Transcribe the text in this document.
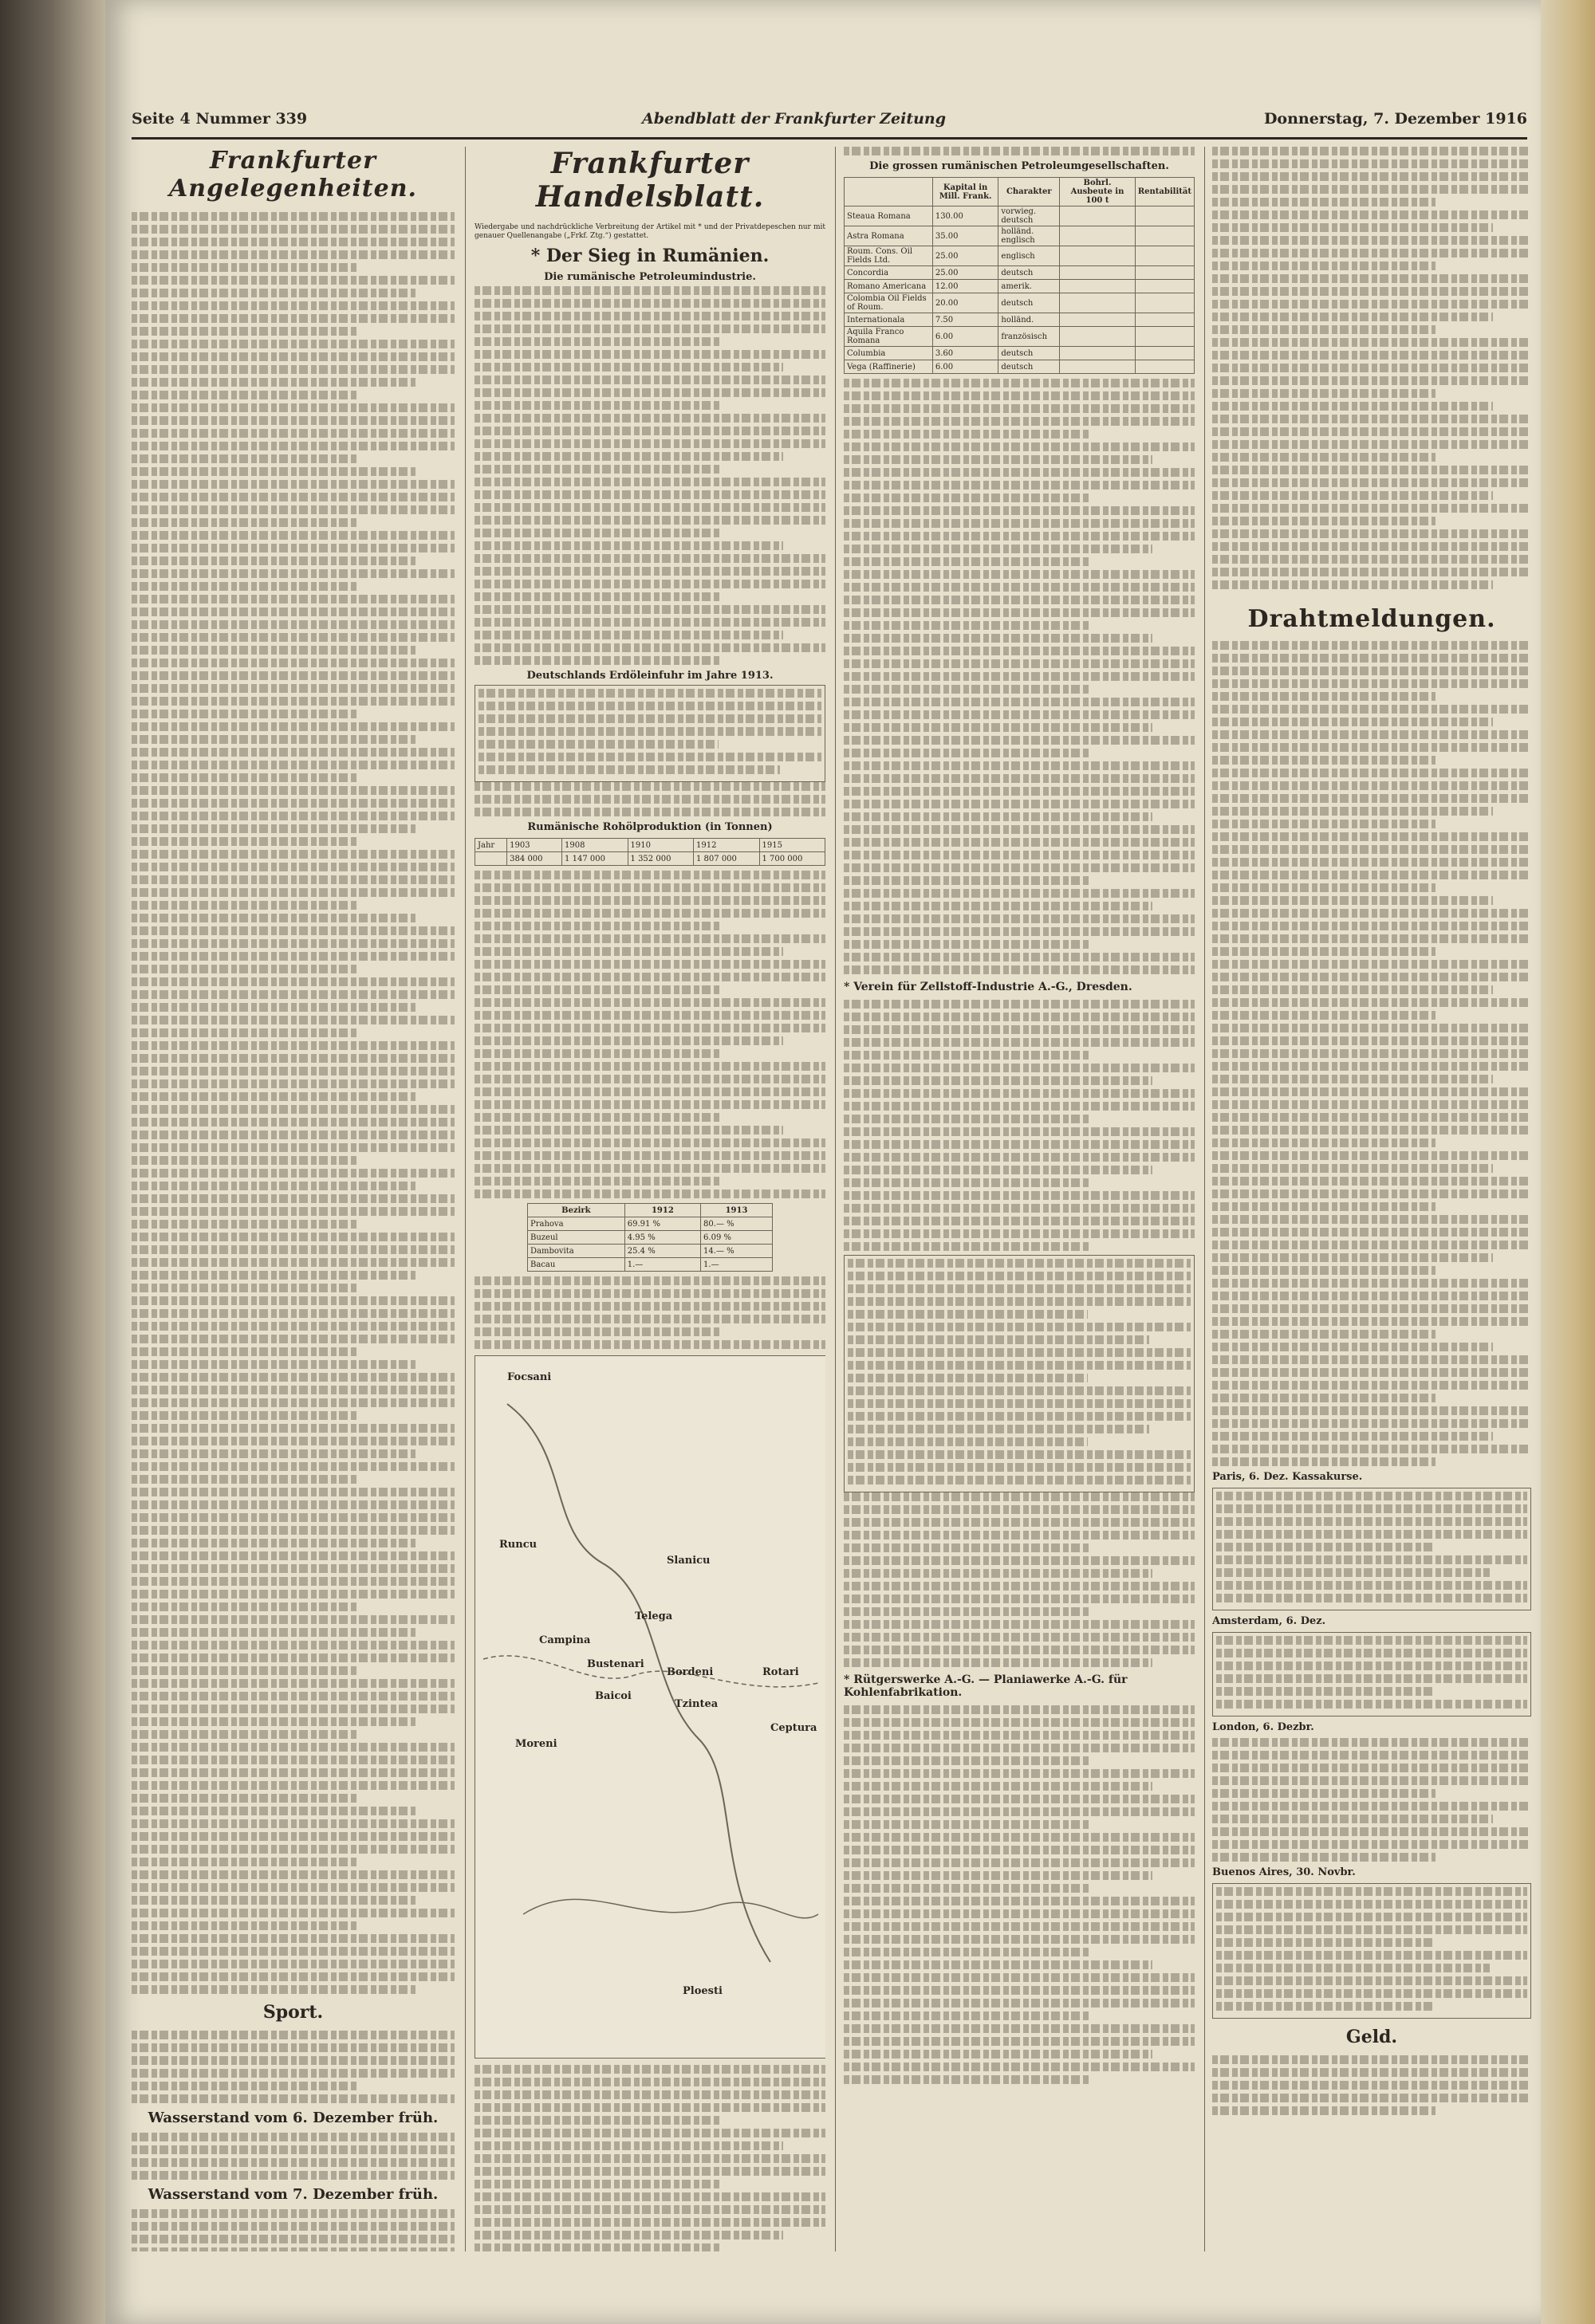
Seite 4 Nummer 339	Abendblatt der Frankfurter Zeitung	Donnerstag, 7. Dezember 1916
Frankfurter Angelegenheiten.
Sport.
Wasserstand vom 6. Dezember früh.
Wasserstand vom 7. Dezember früh.
Frankfurter Handelsblatt.
Wiedergabe und nachdrückliche Verbreitung der Artikel mit * und der Privatdepeschen nur mit genauer Quellenangabe („Frkf. Ztg.“) gestattet.
* Der Sieg in Rumänien.
Die rumänische Petroleumindustrie.
Deutschlands Erdöleinfuhr im Jahre 1913.
Rumänische Rohölproduktion (in Tonnen)
Jahr	1903	1908	1910	1912	1915
	384 000	1 147 000	1 352 000	1 807 000	1 700 000
Bezirk	1912	1913
Prahova	69.91 %	80.— %
Buzeul	4.95 %	6.09 %
Dambovita	25.4 %	14.— %
Bacau	1.—	1.—
Focsani
Runcu
Campina
Bustenari
Telega
Slanicu
Baicoi
Bordeni
Tzintea
Moreni
Rotari
Ceptura
Ploesti
Die grossen rumänischen Petroleumgesellschaften.
	Kapital in Mill. Frank.	Charakter	Bohrl. Ausbeute in 100 t	Rentabilität
Steaua Romana	130.00	vorwieg. deutsch		
Astra Romana	35.00	holländ. englisch		
Roum. Cons. Oil Fields Ltd.	25.00	englisch		
Concordia	25.00	deutsch		
Romano Americana	12.00	amerik.		
Colombia Oil Fields of Roum.	20.00	deutsch		
Internationala	7.50	holländ.		
Aquila Franco Romana	6.00	französisch		
Columbia	3.60	deutsch		
Vega (Raffinerie)	6.00	deutsch		
* Verein für Zellstoff-Industrie A.-G., Dresden.
* Rütgerswerke A.-G. — Planiawerke A.-G. für Kohlenfabrikation.
Drahtmeldungen.
Paris, 6. Dez. Kassakurse.
Amsterdam, 6. Dez.
London, 6. Dezbr.
Buenos Aires, 30. Novbr.
Geld.
